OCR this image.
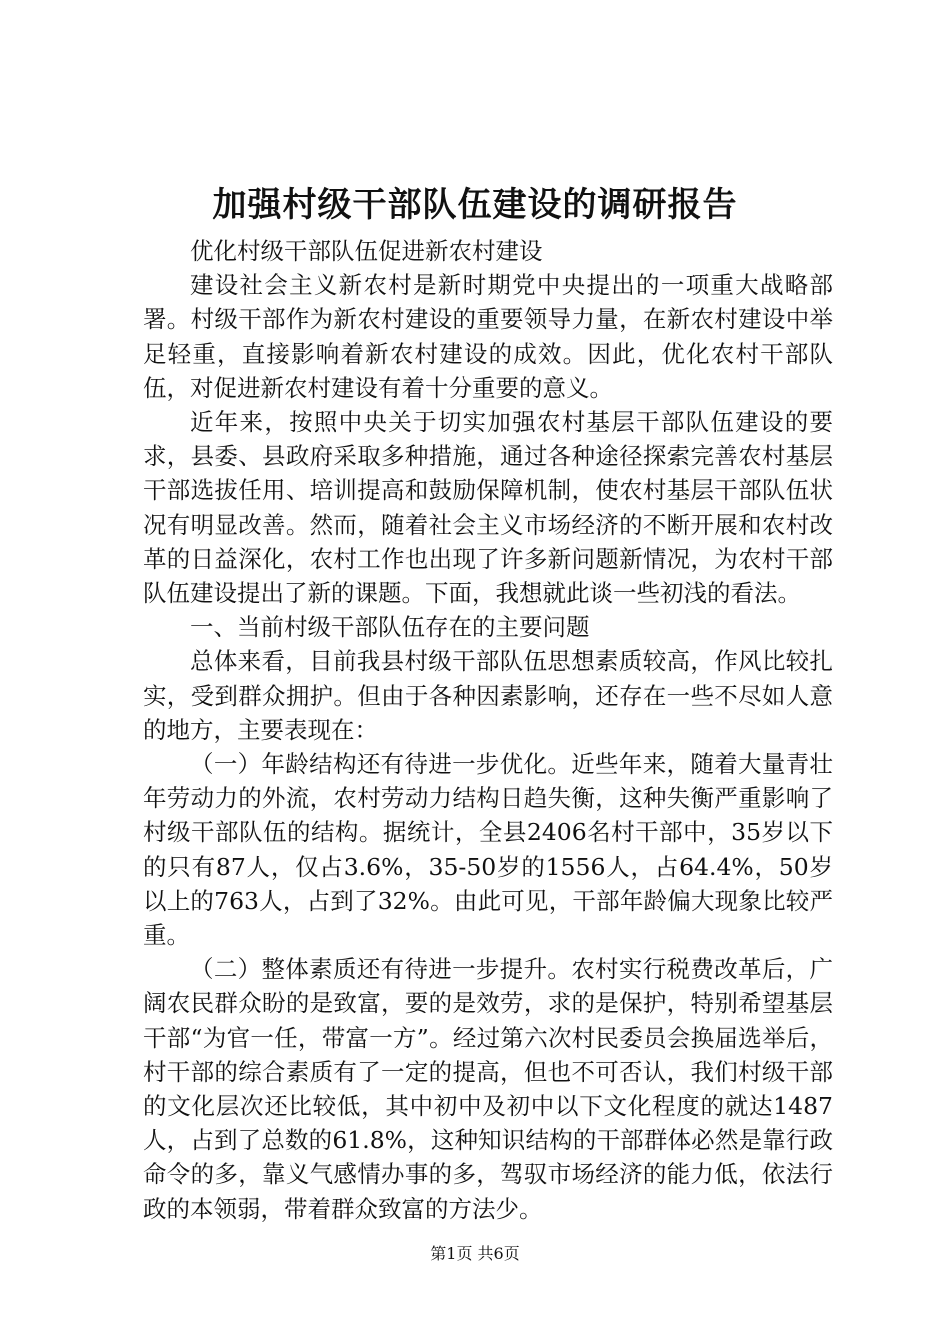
加强村级干部队伍建设的调研报告

优化村级干部队伍促进新农村建设

建设社会主义新农村是新时期党中央提出的一项重大战略部署。村级干部作为新农村建设的重要领导力量，在新农村建设中举足轻重，直接影响着新农村建设的成效。因此，优化农村干部队伍，对促进新农村建设有着十分重要的意义。

近年来，按照中央关于切实加强农村基层干部队伍建设的要求，县委、县政府采取多种措施，通过各种途径探索完善农村基层干部选拔任用、培训提高和鼓励保障机制，使农村基层干部队伍状况有明显改善。然而，随着社会主义市场经济的不断开展和农村改革的日益深化，农村工作也出现了许多新问题新情况，为农村干部队伍建设提出了新的课题。下面，我想就此谈一些初浅的看法。

一、当前村级干部队伍存在的主要问题

总体来看，目前我县村级干部队伍思想素质较高，作风比较扎实，受到群众拥护。但由于各种因素影响，还存在一些不尽如人意的地方，主要表现在：

（一）年龄结构还有待进一步优化。近些年来，随着大量青壮年劳动力的外流，农村劳动力结构日趋失衡，这种失衡严重影响了村级干部队伍的结构。据统计，全县2406名村干部中，35岁以下的只有87人，仅占3.6%，35-50岁的1556人，占64.4%，50岁以上的763人，占到了32%。由此可见，干部年龄偏大现象比较严重。

（二）整体素质还有待进一步提升。农村实行税费改革后，广阔农民群众盼的是致富，要的是效劳，求的是保护，特别希望基层干部“为官一任，带富一方”。经过第六次村民委员会换届选举后，村干部的综合素质有了一定的提高，但也不可否认，我们村级干部的文化层次还比较低，其中初中及初中以下文化程度的就达1487人，占到了总数的61.8%，这种知识结构的干部群体必然是靠行政命令的多，靠义气感情办事的多，驾驭市场经济的能力低，依法行政的本领弱，带着群众致富的方法少。

第1页 共6页
